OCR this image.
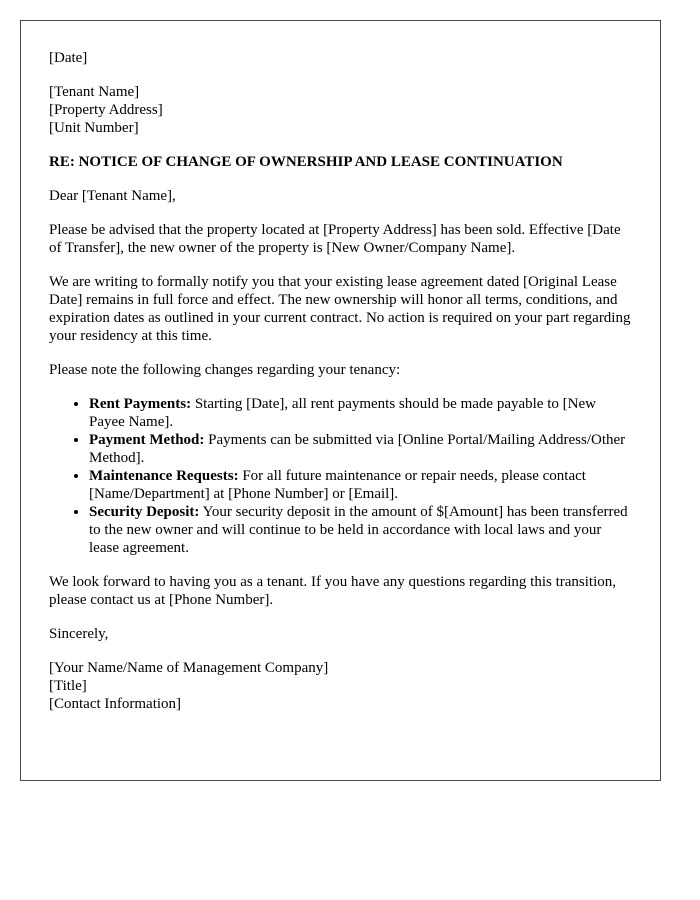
[Date]

[Tenant Name]
[Property Address]
[Unit Number]

RE: NOTICE OF CHANGE OF OWNERSHIP AND LEASE CONTINUATION

Dear [Tenant Name],

Please be advised that the property located at [Property Address] has been sold. Effective [Date of Transfer], the new owner of the property is [New Owner/Company Name].

We are writing to formally notify you that your existing lease agreement dated [Original Lease Date] remains in full force and effect. The new ownership will honor all terms, conditions, and expiration dates as outlined in your current contract. No action is required on your part regarding your residency at this time.

Please note the following changes regarding your tenancy:

• Rent Payments: Starting [Date], all rent payments should be made payable to [New Payee Name].
• Payment Method: Payments can be submitted via [Online Portal/Mailing Address/Other Method].
• Maintenance Requests: For all future maintenance or repair needs, please contact [Name/Department] at [Phone Number] or [Email].
• Security Deposit: Your security deposit in the amount of $[Amount] has been transferred to the new owner and will continue to be held in accordance with local laws and your lease agreement.

We look forward to having you as a tenant. If you have any questions regarding this transition, please contact us at [Phone Number].

Sincerely,

[Your Name/Name of Management Company]
[Title]
[Contact Information]
